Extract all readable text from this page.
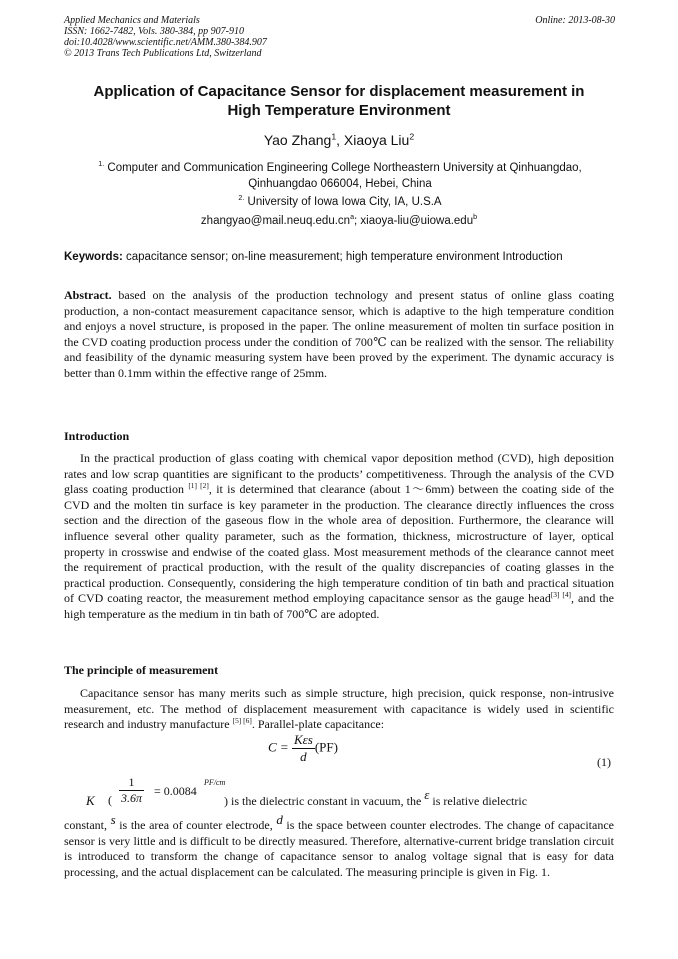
Applied Mechanics and Materials
ISSN: 1662-7482, Vols. 380-384, pp 907-910
doi:10.4028/www.scientific.net/AMM.380-384.907
© 2013 Trans Tech Publications Ltd, Switzerland
Online: 2013-08-30
Application of Capacitance Sensor for displacement measurement in
High Temperature Environment
Yao Zhang$^1$, Xiaoya Liu$^2$
$^{1.}$ Computer and Communication Engineering College Northeastern University at Qinhuangdao,
Qinhuangdao 066004, Hebei, China
$^{2.}$ University of Iowa Iowa City, IA, U.S.A
$zhangyao@mail.neuq.edu.cn^a$; xiaoya-liu@uiowa.edu$^b$
Keywords: capacitance sensor; on-line measurement; high temperature environment Introduction
Abstract. based on the analysis of the production technology and present status of online glass coating production, a non-contact measurement capacitance sensor, which is adaptive to the high temperature condition and enjoys a novel structure, is proposed in the paper. The online measurement of molten tin surface position in the CVD coating production process under the condition of 700℃ can be realized with the sensor. The reliability and feasibility of the dynamic measuring system have been proved by the experiment. The dynamic accuracy is better than 0.1mm within the effective range of 25mm.
Introduction
In the practical production of glass coating with chemical vapor deposition method (CVD), high deposition rates and low scrap quantities are significant to the products’ competitiveness. Through the analysis of the CVD glass coating production [1] [2], it is determined that clearance (about 1～6mm) between the coating side of the CVD and the molten tin surface is key parameter in the production. The clearance directly influences the cross section and the direction of the gaseous flow in the whole area of deposition. Furthermore, the clearance will influence several other quality parameter, such as the formation, thickness, microstructure of layer, optical property in crosswise and endwise of the coated glass. Most measurement methods of the clearance cannot meet the requirement of practical production, with the result of the quality discrepancies of coating glasses in the practical production. Consequently, considering the high temperature condition of tin bath and practical situation of CVD coating reactor, the measurement method employing capacitance sensor as the gauge head[3] [4], and the high temperature as the medium in tin bath of 700℃ are adopted.
The principle of measurement
Capacitance sensor has many merits such as simple structure, high precision, quick response, non-intrusive measurement, etc. The method of displacement measurement with capacitance is widely used in scientific research and industry manufacture [5] [6]. Parallel-plate capacitance:
$C = \frac{\text{Kεs}}{d} (PF)$
(1)
K ( $\frac{1}{3.6\pi} = 0.0084$
PF/cm
) is the dielectric constant in vacuum, the ε is relative dielectric
constant, s is the area of counter electrode, d is the space between counter electrodes. The change of capacitance sensor is very little and is difficult to be directly measured. Therefore, alternative-current bridge translation circuit is introduced to transform the change of capacitance sensor to analog voltage signal that is easy for data processing, and the actual displacement can be calculated. The measuring principle is given in Fig. 1.
